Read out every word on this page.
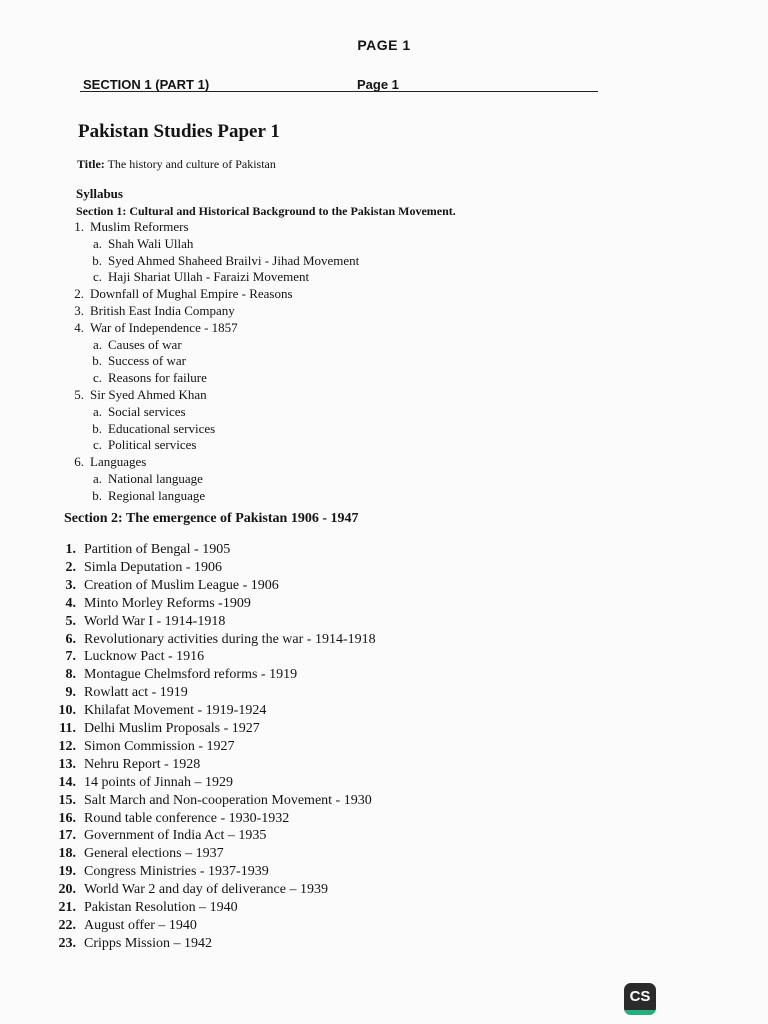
PAGE 1
SECTION 1 (PART 1)	Page 1
Pakistan Studies Paper 1
Title: The history and culture of Pakistan
Syllabus
Section 1: Cultural and Historical Background to the Pakistan Movement.
1. Muslim Reformers
a. Shah Wali Ullah
b. Syed Ahmed Shaheed Brailvi - Jihad Movement
c. Haji Shariat Ullah - Faraizi Movement
2. Downfall of Mughal Empire - Reasons
3. British East India Company
4. War of Independence - 1857
a. Causes of war
b. Success of war
c. Reasons for failure
5. Sir Syed Ahmed Khan
a. Social services
b. Educational services
c. Political services
6. Languages
a. National language
b. Regional language
Section 2: The emergence of Pakistan 1906 - 1947
1. Partition of Bengal - 1905
2. Simla Deputation - 1906
3. Creation of Muslim League - 1906
4. Minto Morley Reforms -1909
5. World War I - 1914-1918
6. Revolutionary activities during the war - 1914-1918
7. Lucknow Pact - 1916
8. Montague Chelmsford reforms - 1919
9. Rowlatt act - 1919
10. Khilafat Movement - 1919-1924
11. Delhi Muslim Proposals - 1927
12. Simon Commission - 1927
13. Nehru Report - 1928
14. 14 points of Jinnah – 1929
15. Salt March and Non-cooperation Movement - 1930
16. Round table conference - 1930-1932
17. Government of India Act – 1935
18. General elections – 1937
19. Congress Ministries - 1937-1939
20. World War 2 and day of deliverance – 1939
21. Pakistan Resolution – 1940
22. August offer – 1940
23. Cripps Mission – 1942
CS
